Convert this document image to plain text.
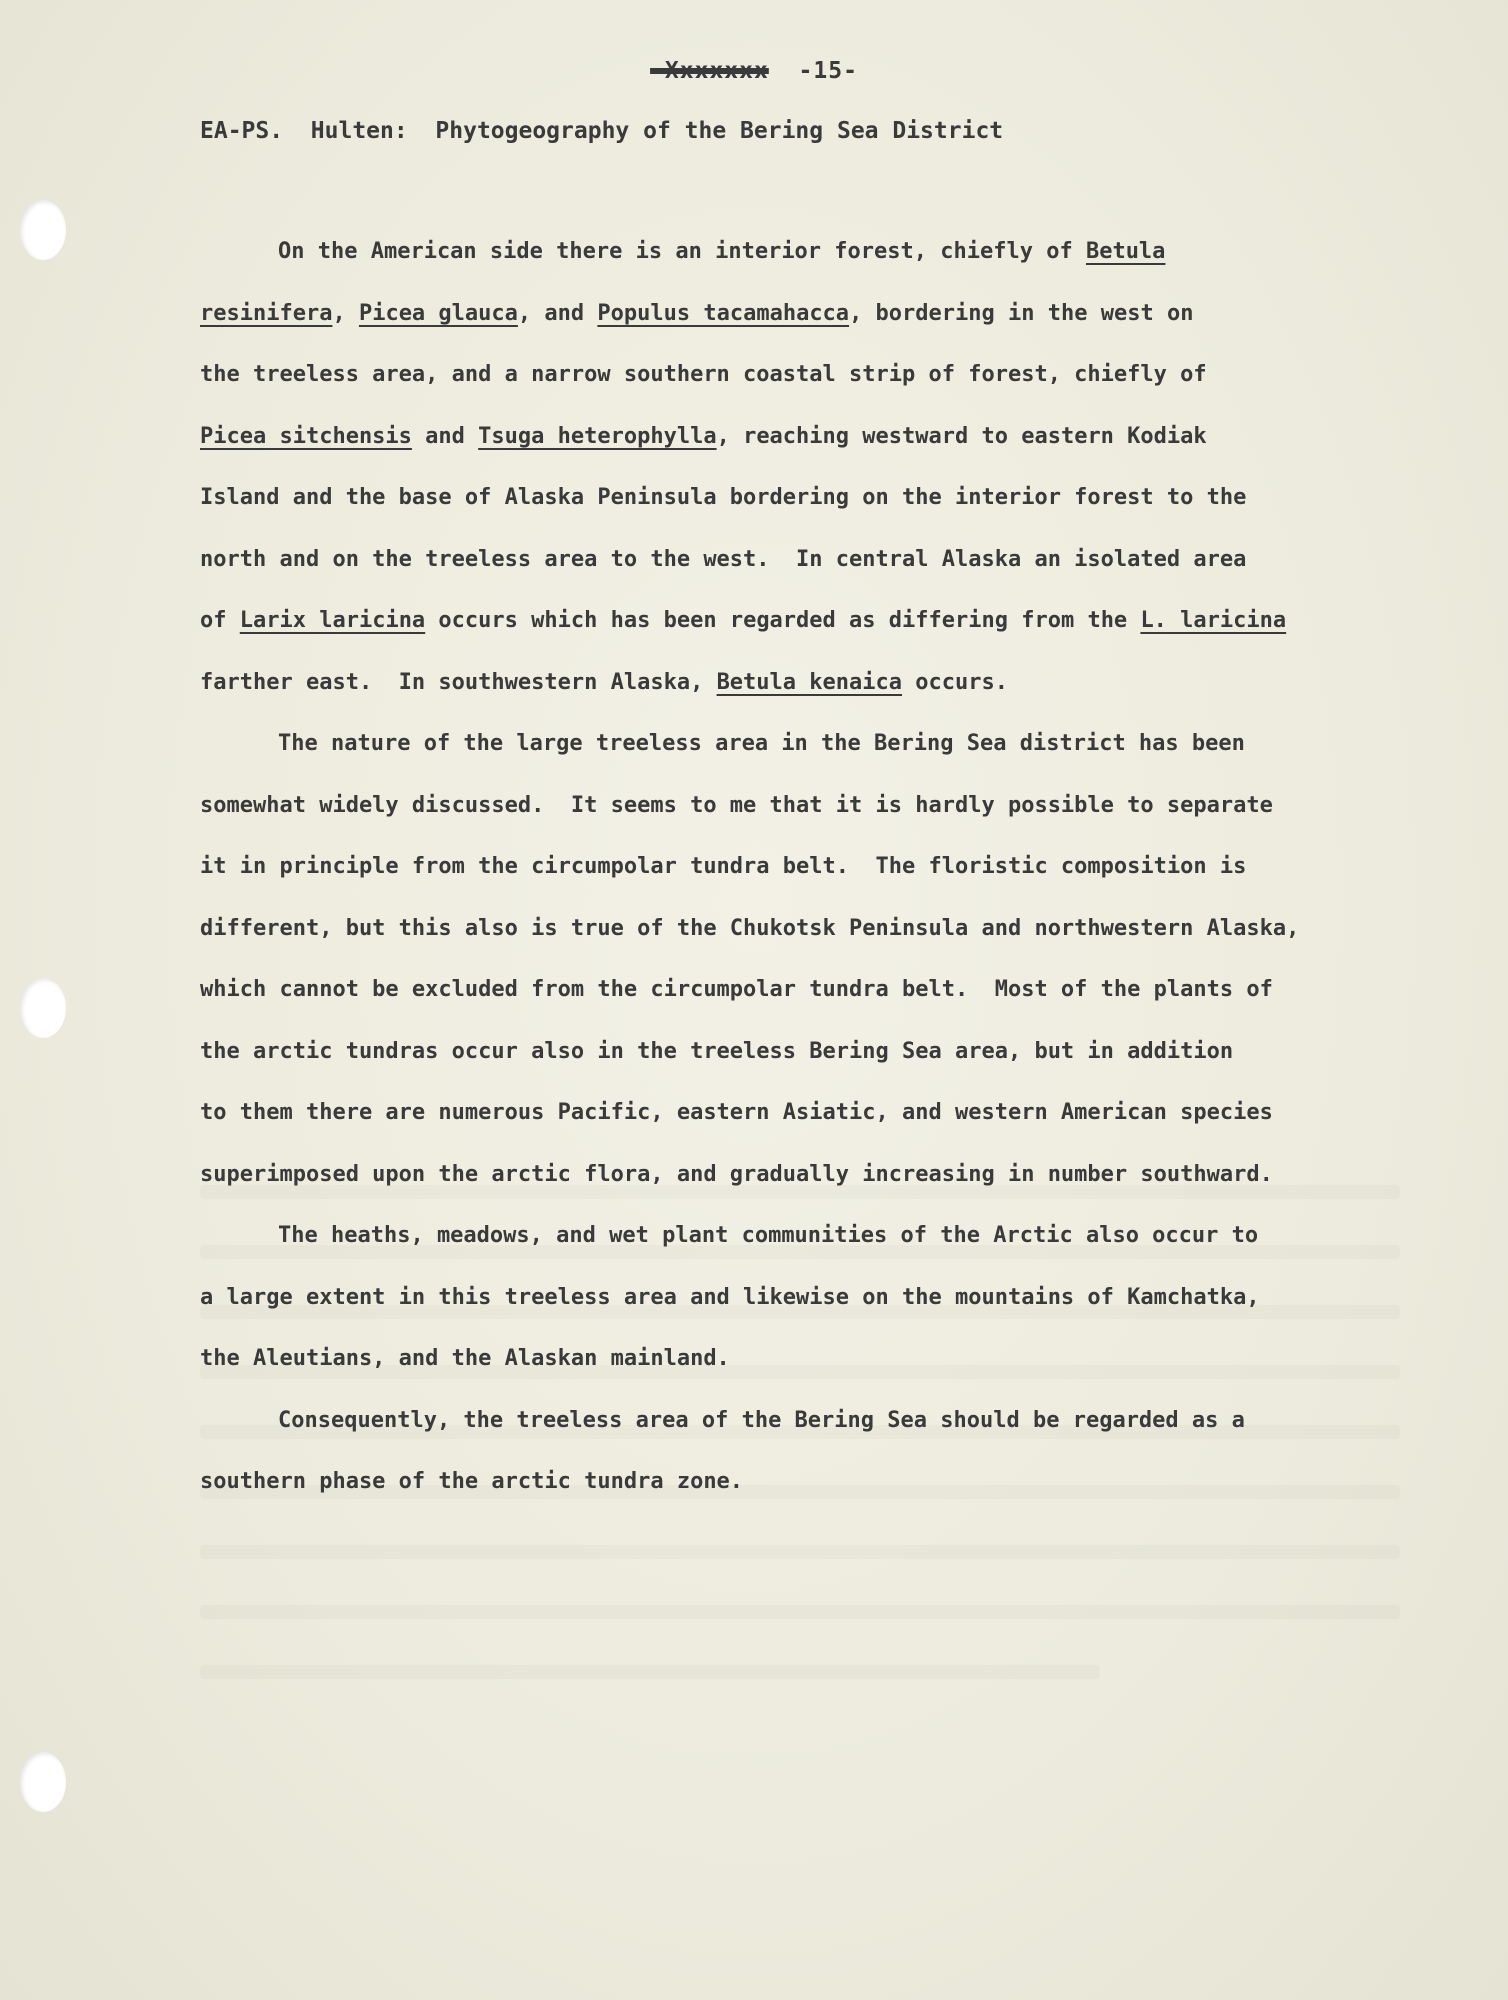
-Xxxxxxx -15-
EA-PS.  Hulten:  Phytogeography of the Bering Sea District
On the American side there is an interior forest, chiefly of Betula
resinifera, Picea glauca, and Populus tacamahacca, bordering in the west on
the treeless area, and a narrow southern coastal strip of forest, chiefly of
Picea sitchensis and Tsuga heterophylla, reaching westward to eastern Kodiak
Island and the base of Alaska Peninsula bordering on the interior forest to the
north and on the treeless area to the west.  In central Alaska an isolated area
of Larix laricina occurs which has been regarded as differing from the L. laricina
farther east.  In southwestern Alaska, Betula kenaica occurs.
The nature of the large treeless area in the Bering Sea district has been
somewhat widely discussed.  It seems to me that it is hardly possible to separate
it in principle from the circumpolar tundra belt.  The floristic composition is
different, but this also is true of the Chukotsk Peninsula and northwestern Alaska,
which cannot be excluded from the circumpolar tundra belt.  Most of the plants of
the arctic tundras occur also in the treeless Bering Sea area, but in addition
to them there are numerous Pacific, eastern Asiatic, and western American species
superimposed upon the arctic flora, and gradually increasing in number southward.
The heaths, meadows, and wet plant communities of the Arctic also occur to
a large extent in this treeless area and likewise on the mountains of Kamchatka,
the Aleutians, and the Alaskan mainland.
Consequently, the treeless area of the Bering Sea should be regarded as a
southern phase of the arctic tundra zone.
